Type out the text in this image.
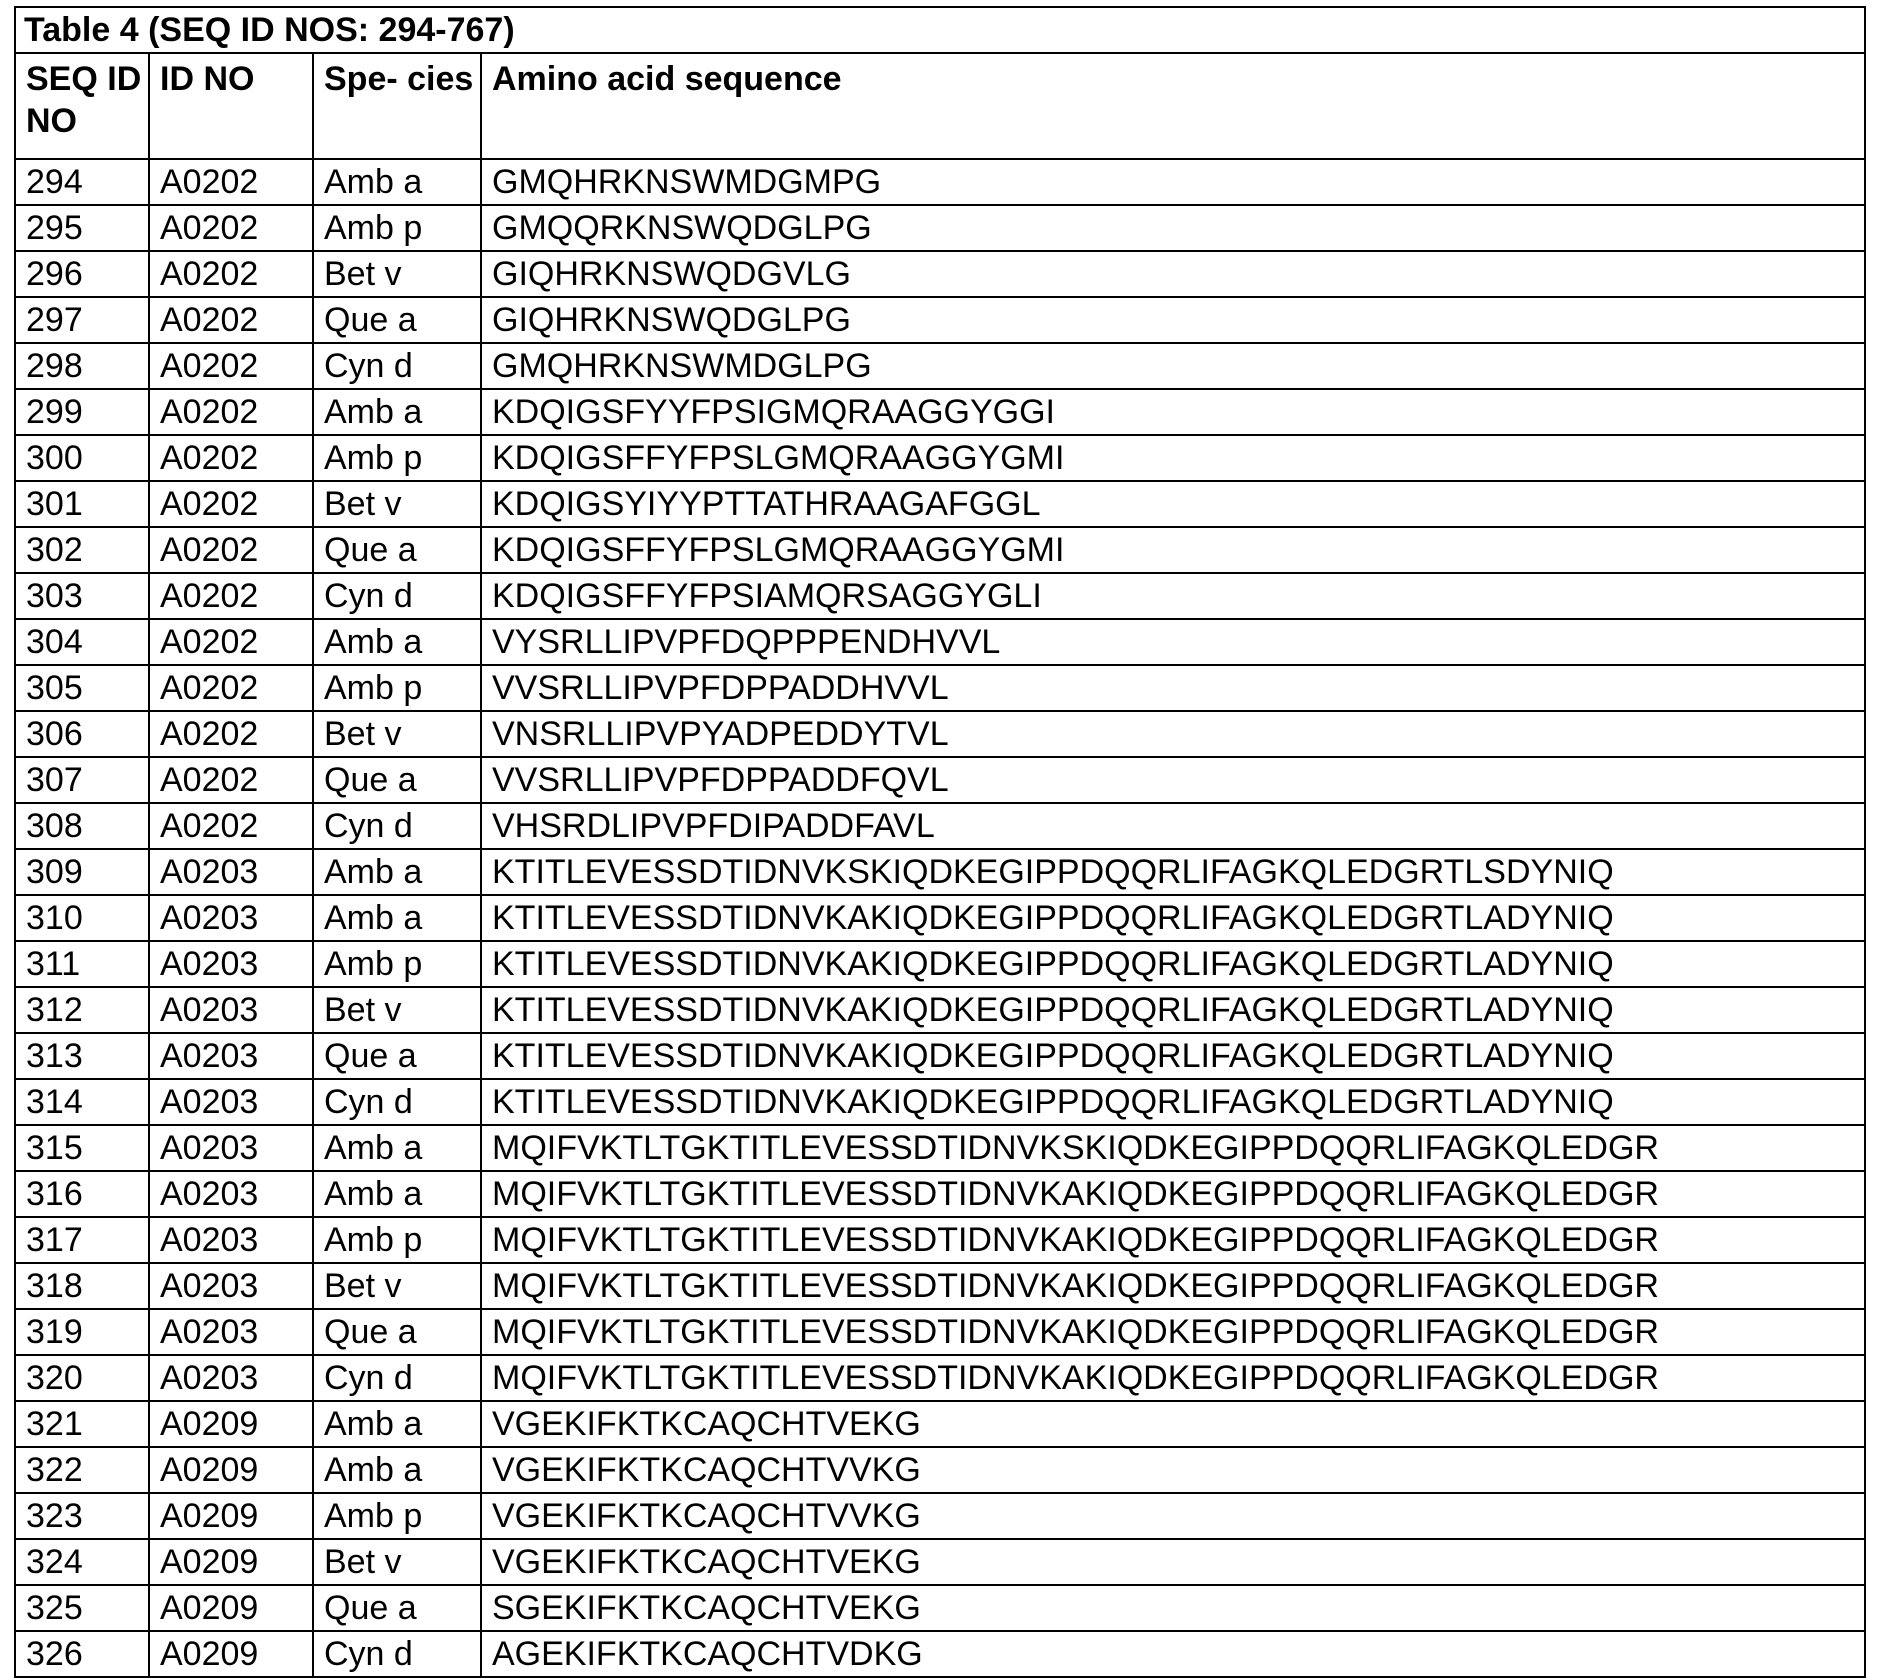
Table 4 (SEQ ID NOS: 294-767)			
SEQ ID NO	ID NO	Spe- cies	Amino acid sequence
294	A0202	Amb a	GMQHRKNSWMDGMPG
295	A0202	Amb p	GMQQRKNSWQDGLPG
296	A0202	Bet v	GIQHRKNSWQDGVLG
297	A0202	Que a	GIQHRKNSWQDGLPG
298	A0202	Cyn d	GMQHRKNSWMDGLPG
299	A0202	Amb a	KDQIGSFYYFPSIGMQRAAGGYGGI
300	A0202	Amb p	KDQIGSFFYFPSLGMQRAAGGYGMI
301	A0202	Bet v	KDQIGSYIYYPTTATHRAAGAFGGL
302	A0202	Que a	KDQIGSFFYFPSLGMQRAAGGYGMI
303	A0202	Cyn d	KDQIGSFFYFPSIAMQRSAGGYGLI
304	A0202	Amb a	VYSRLLIPVPFDQPPPENDHVVL
305	A0202	Amb p	VVSRLLIPVPFDPPADDHVVL
306	A0202	Bet v	VNSRLLIPVPYADPEDDYTVL
307	A0202	Que a	VVSRLLIPVPFDPPADDFQVL
308	A0202	Cyn d	VHSRDLIPVPFDIPADDFAVL
309	A0203	Amb a	KTITLEVESSDTIDNVKSKIQDKEGIPPDQQRLIFAGKQLEDGRTLSDYNIQ
310	A0203	Amb a	KTITLEVESSDTIDNVKAKIQDKEGIPPDQQRLIFAGKQLEDGRTLADYNIQ
311	A0203	Amb p	KTITLEVESSDTIDNVKAKIQDKEGIPPDQQRLIFAGKQLEDGRTLADYNIQ
312	A0203	Bet v	KTITLEVESSDTIDNVKAKIQDKEGIPPDQQRLIFAGKQLEDGRTLADYNIQ
313	A0203	Que a	KTITLEVESSDTIDNVKAKIQDKEGIPPDQQRLIFAGKQLEDGRTLADYNIQ
314	A0203	Cyn d	KTITLEVESSDTIDNVKAKIQDKEGIPPDQQRLIFAGKQLEDGRTLADYNIQ
315	A0203	Amb a	MQIFVKTLTGKTITLEVESSDTIDNVKSKIQDKEGIPPDQQRLIFAGKQLEDGR
316	A0203	Amb a	MQIFVKTLTGKTITLEVESSDTIDNVKAKIQDKEGIPPDQQRLIFAGKQLEDGR
317	A0203	Amb p	MQIFVKTLTGKTITLEVESSDTIDNVKAKIQDKEGIPPDQQRLIFAGKQLEDGR
318	A0203	Bet v	MQIFVKTLTGKTITLEVESSDTIDNVKAKIQDKEGIPPDQQRLIFAGKQLEDGR
319	A0203	Que a	MQIFVKTLTGKTITLEVESSDTIDNVKAKIQDKEGIPPDQQRLIFAGKQLEDGR
320	A0203	Cyn d	MQIFVKTLTGKTITLEVESSDTIDNVKAKIQDKEGIPPDQQRLIFAGKQLEDGR
321	A0209	Amb a	VGEKIFKTKCAQCHTVEKG
322	A0209	Amb a	VGEKIFKTKCAQCHTVVKG
323	A0209	Amb p	VGEKIFKTKCAQCHTVVKG
324	A0209	Bet v	VGEKIFKTKCAQCHTVEKG
325	A0209	Que a	SGEKIFKTKCAQCHTVEKG
326	A0209	Cyn d	AGEKIFKTKCAQCHTVDKG
